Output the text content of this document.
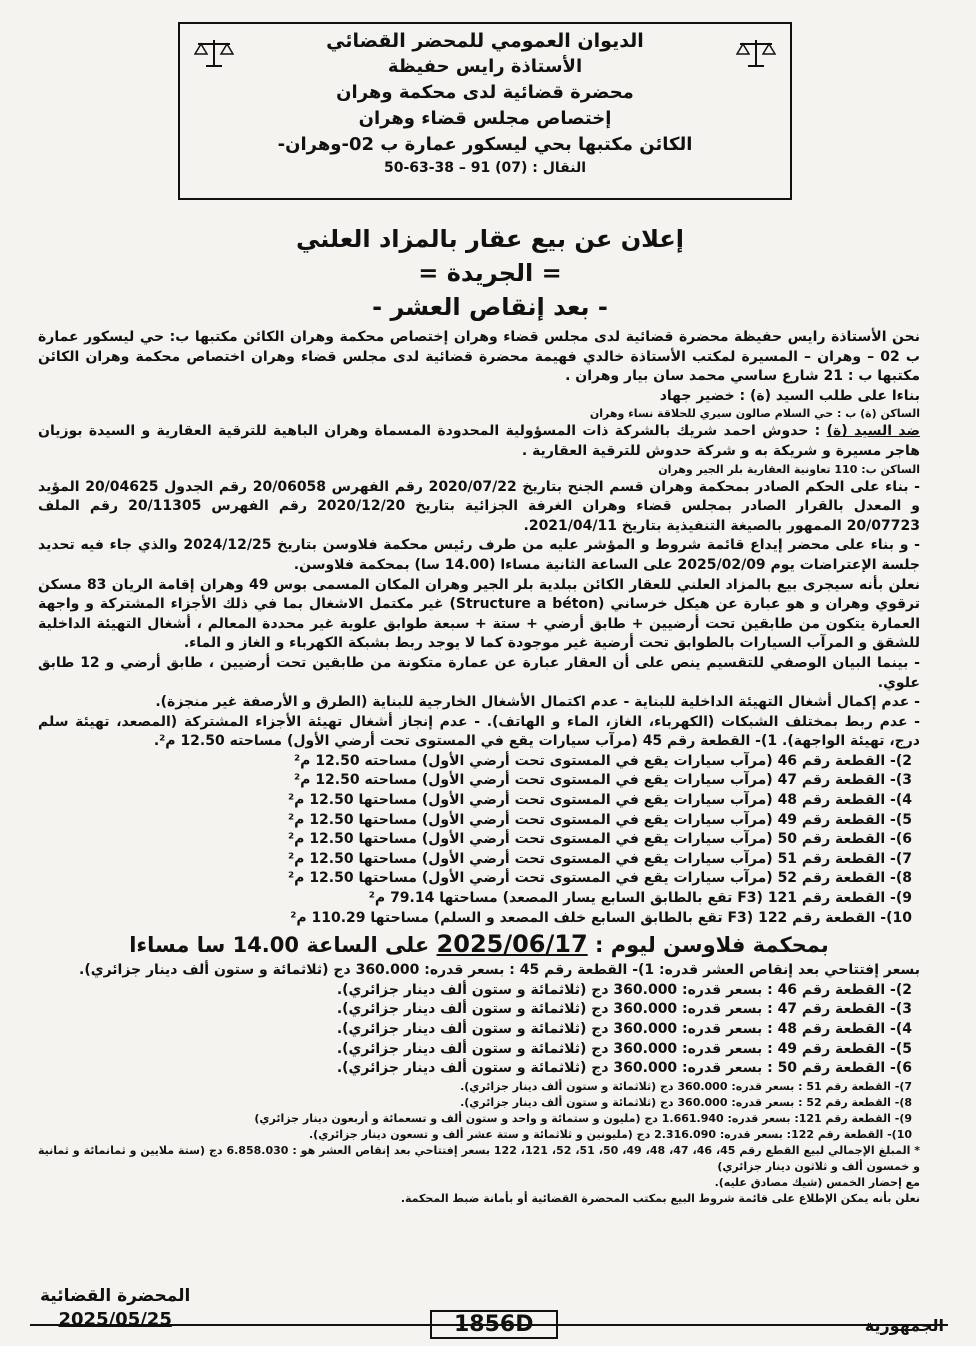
الديوان العمومي للمحضر القضائي
الأستاذة رايس حفيظة
محضرة قضائية لدى محكمة وهران
إختصاص مجلس قضاء وهران
الكائن مكتبها بحي ليسكور عمارة ب 02-وهران-
النقال : 50-63-38 – 91 (07)
إعلان عن بيع عقار بالمزاد العلني
= الجريدة =
- بعد إنقاص العشر -

نحن الأستاذة رايس حفيظة محضرة قضائية لدى مجلس قضاء وهران إختصاص محكمة وهران الكائن مكتبها ب: حي ليسكور عمارة ب 02 – وهران – المسيرة لمكتب الأستاذة خالدي فهيمة محضرة قضائية لدى مجلس قضاء وهران اختصاص محكمة وهران الكائن مكتبها ب : 21 شارع ساسي محمد سان بيار وهران .

بناءا على طلب السيد (ة) : خضير جهاد

الساكن (ة) ب : حي السلام صالون سيري للحلاقة نساء وهران

ضد السيد (ة) : حدوش احمد شريك بالشركة ذات المسؤولية المحدودة المسماة وهران الباهية للترقية العقارية و السيدة بوزيان هاجر مسيرة و شريكة به و شركة حدوش للترقية العقارية .

الساكن ب: 110 تعاونية العقارية بلر الجير وهران

- بناء على الحكم الصادر بمحكمة وهران قسم الجنح بتاريخ 2020/07/22 رقم الفهرس 20/06058 رقم الجدول 20/04625 المؤيد و المعدل بالقرار الصادر بمجلس قضاء وهران الغرفة الجزائية بتاريخ 2020/12/20 رقم الفهرس 20/11305 رقم الملف 20/07723 الممهور بالصيغة التنفيذية بتاريخ 2021/04/11.

- و بناء على محضر إيداع قائمة شروط و المؤشر عليه من طرف رئيس محكمة فلاوسن بتاريخ 2024/12/25 والذي جاء فيه تحديد جلسة الإعتراضات يوم 2025/02/09 على الساعة الثانية مساءا (14.00 سا) بمحكمة فلاوسن.

نعلن بأنه سيجرى بيع بالمزاد العلني للعقار الكائن ببلدية بلر الجير وهران المكان المسمى بوس 49 وهران إقامة الريان 83 مسكن ترقوي وهران و هو عبارة عن هيكل خرساني (Structure a béton) غير مكتمل الاشغال بما في ذلك الأجزاء المشتركة و واجهة العمارة يتكون من طابقين تحت أرضيين + طابق أرضي + ستة + سبعة طوابق علوية غير محددة المعالم ، أشغال التهيئة الداخلية للشقق و المرآب السيارات بالطوابق تحت أرضية غير موجودة كما لا يوجد ربط بشبكة الكهرباء و الغاز و الماء.

- بينما البيان الوصفي للتقسيم ينص على أن العقار عبارة عن عمارة متكونة من طابقين تحت أرضيين ، طابق أرضي و 12 طابق علوي.

- عدم إكمال أشغال التهيئة الداخلية للبناية - عدم اكتمال الأشغال الخارجية للبناية (الطرق و الأرصفة غير منجزة).

- عدم ربط بمختلف الشبكات (الكهرباء، الغاز، الماء و الهاتف). - عدم إنجاز أشغال تهيئة الأجزاء المشتركة (المصعد، تهيئة سلم درج، تهيئة الواجهة). 1)- القطعة رقم 45 (مرآب سيارات يقع في المستوى تحت أرضي الأول) مساحته 12.50 م².

2)- القطعة رقم 46 (مرآب سيارات يقع في المستوى تحت أرضي الأول) مساحته 12.50 م²

3)- القطعة رقم 47 (مرآب سيارات يقع في المستوى تحت أرضي الأول) مساحته 12.50 م²

4)- القطعة رقم 48 (مرآب سيارات يقع في المستوى تحت أرضي الأول) مساحتها 12.50 م²

5)- القطعة رقم 49 (مرآب سيارات يقع في المستوى تحت أرضي الأول) مساحتها 12.50 م²

6)- القطعة رقم 50 (مرآب سيارات يقع في المستوى تحت أرضي الأول) مساحتها 12.50 م²

7)- القطعة رقم 51 (مرآب سيارات يقع في المستوى تحت أرضي الأول) مساحتها 12.50 م²

8)- القطعة رقم 52 (مرآب سيارات يقع في المستوى تحت أرضي الأول) مساحتها 12.50 م²

9)- القطعة رقم 121 (F3 تقع بالطابق السابع يسار المصعد) مساحتها 79.14 م²

10)- القطعة رقم 122 (F3 تقع بالطابق السابع خلف المصعد و السلم) مساحتها 110.29 م²

بمحكمة فلاوسن ليوم : 2025/06/17 على الساعة 14.00 سا مساءا

بسعر إفتتاحي بعد إنقاص العشر قدره: 1)- القطعة رقم 45 : بسعر قدره: 360.000 دج (ثلاثمائة و ستون ألف دينار جزائري).

2)- القطعة رقم 46 : بسعر قدره: 360.000 دج (ثلاثمائة و ستون ألف دينار جزائري).

3)- القطعة رقم 47 : بسعر قدره: 360.000 دج (ثلاثمائة و ستون ألف دينار جزائري).

4)- القطعة رقم 48 : بسعر قدره: 360.000 دج (ثلاثمائة و ستون ألف دينار جزائري).

5)- القطعة رقم 49 : بسعر قدره: 360.000 دج (ثلاثمائة و ستون ألف دينار جزائري).

6)- القطعة رقم 50 : بسعر قدره: 360.000 دج (ثلاثمائة و ستون ألف دينار جزائري).

7)- القطعة رقم 51 : بسعر قدره: 360.000 دج (ثلاثمائة و ستون ألف دينار جزائري).

8)- القطعة رقم 52 : بسعر قدره: 360.000 دج (ثلاثمائة و ستون ألف دينار جزائري).

9)- القطعة رقم 121: بسعر قدره: 1.661.940 دج (مليون و ستمائة و واحد و ستون ألف و تسعمائة و أربعون دينار جزائري)

10)- القطعة رقم 122: بسعر قدره: 2.316.090 دج (مليونين و ثلاثمائة و ستة عشر ألف و تسعون دينار جزائري).

* المبلغ الإجمالي لبيع القطع رقم 45، 46، 47، 48، 49، 50، 51، 52، 121، 122 بسعر إفتتاحي بعد إنقاص العشر هو : 6.858.030 دج (ستة ملايين و ثمانمائة و ثمانية و خمسون ألف و ثلاثون دينار جزائري)

مع إحضار الخمس (شيك مصادق عليه).

نعلن بأنه يمكن الإطلاع على قائمة شروط البيع بمكتب المحضرة القضائية أو بأمانة ضبط المحكمة.

المحضرة القضائية
2025/05/25	1856D	الجمهورية
